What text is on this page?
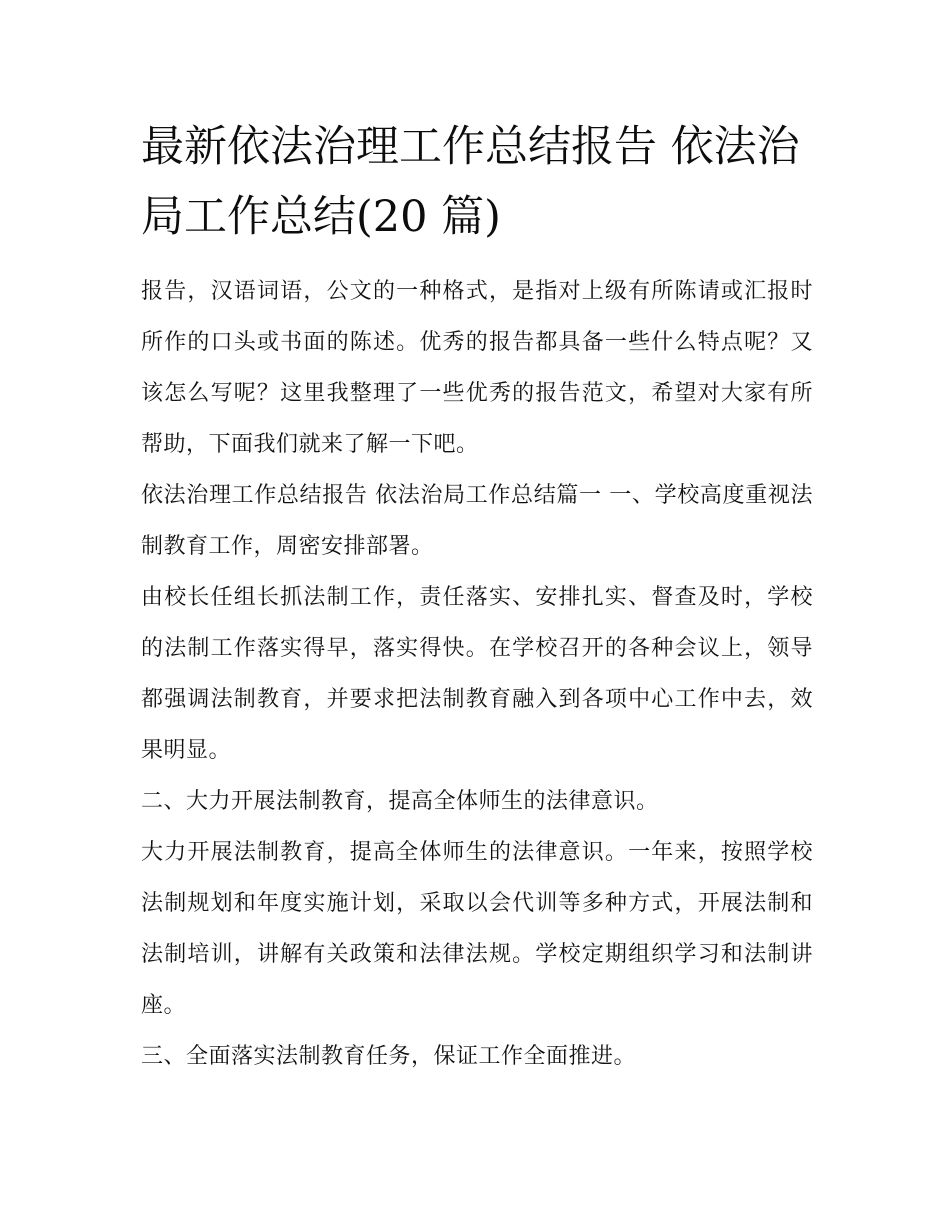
最新依法治理工作总结报告 依法治局工作总结(20 篇)

报告，汉语词语，公文的一种格式，是指对上级有所陈请或汇报时所作的口头或书面的陈述。优秀的报告都具备一些什么特点呢？又该怎么写呢？这里我整理了一些优秀的报告范文，希望对大家有所帮助，下面我们就来了解一下吧。

依法治理工作总结报告 依法治局工作总结篇一 一、学校高度重视法制教育工作，周密安排部署。

由校长任组长抓法制工作，责任落实、安排扎实、督查及时，学校的法制工作落实得早，落实得快。在学校召开的各种会议上，领导都强调法制教育，并要求把法制教育融入到各项中心工作中去，效果明显。

二、大力开展法制教育，提高全体师生的法律意识。

大力开展法制教育，提高全体师生的法律意识。一年来，按照学校法制规划和年度实施计划，采取以会代训等多种方式，开展法制和法制培训，讲解有关政策和法律法规。学校定期组织学习和法制讲座。

三、全面落实法制教育任务，保证工作全面推进。
